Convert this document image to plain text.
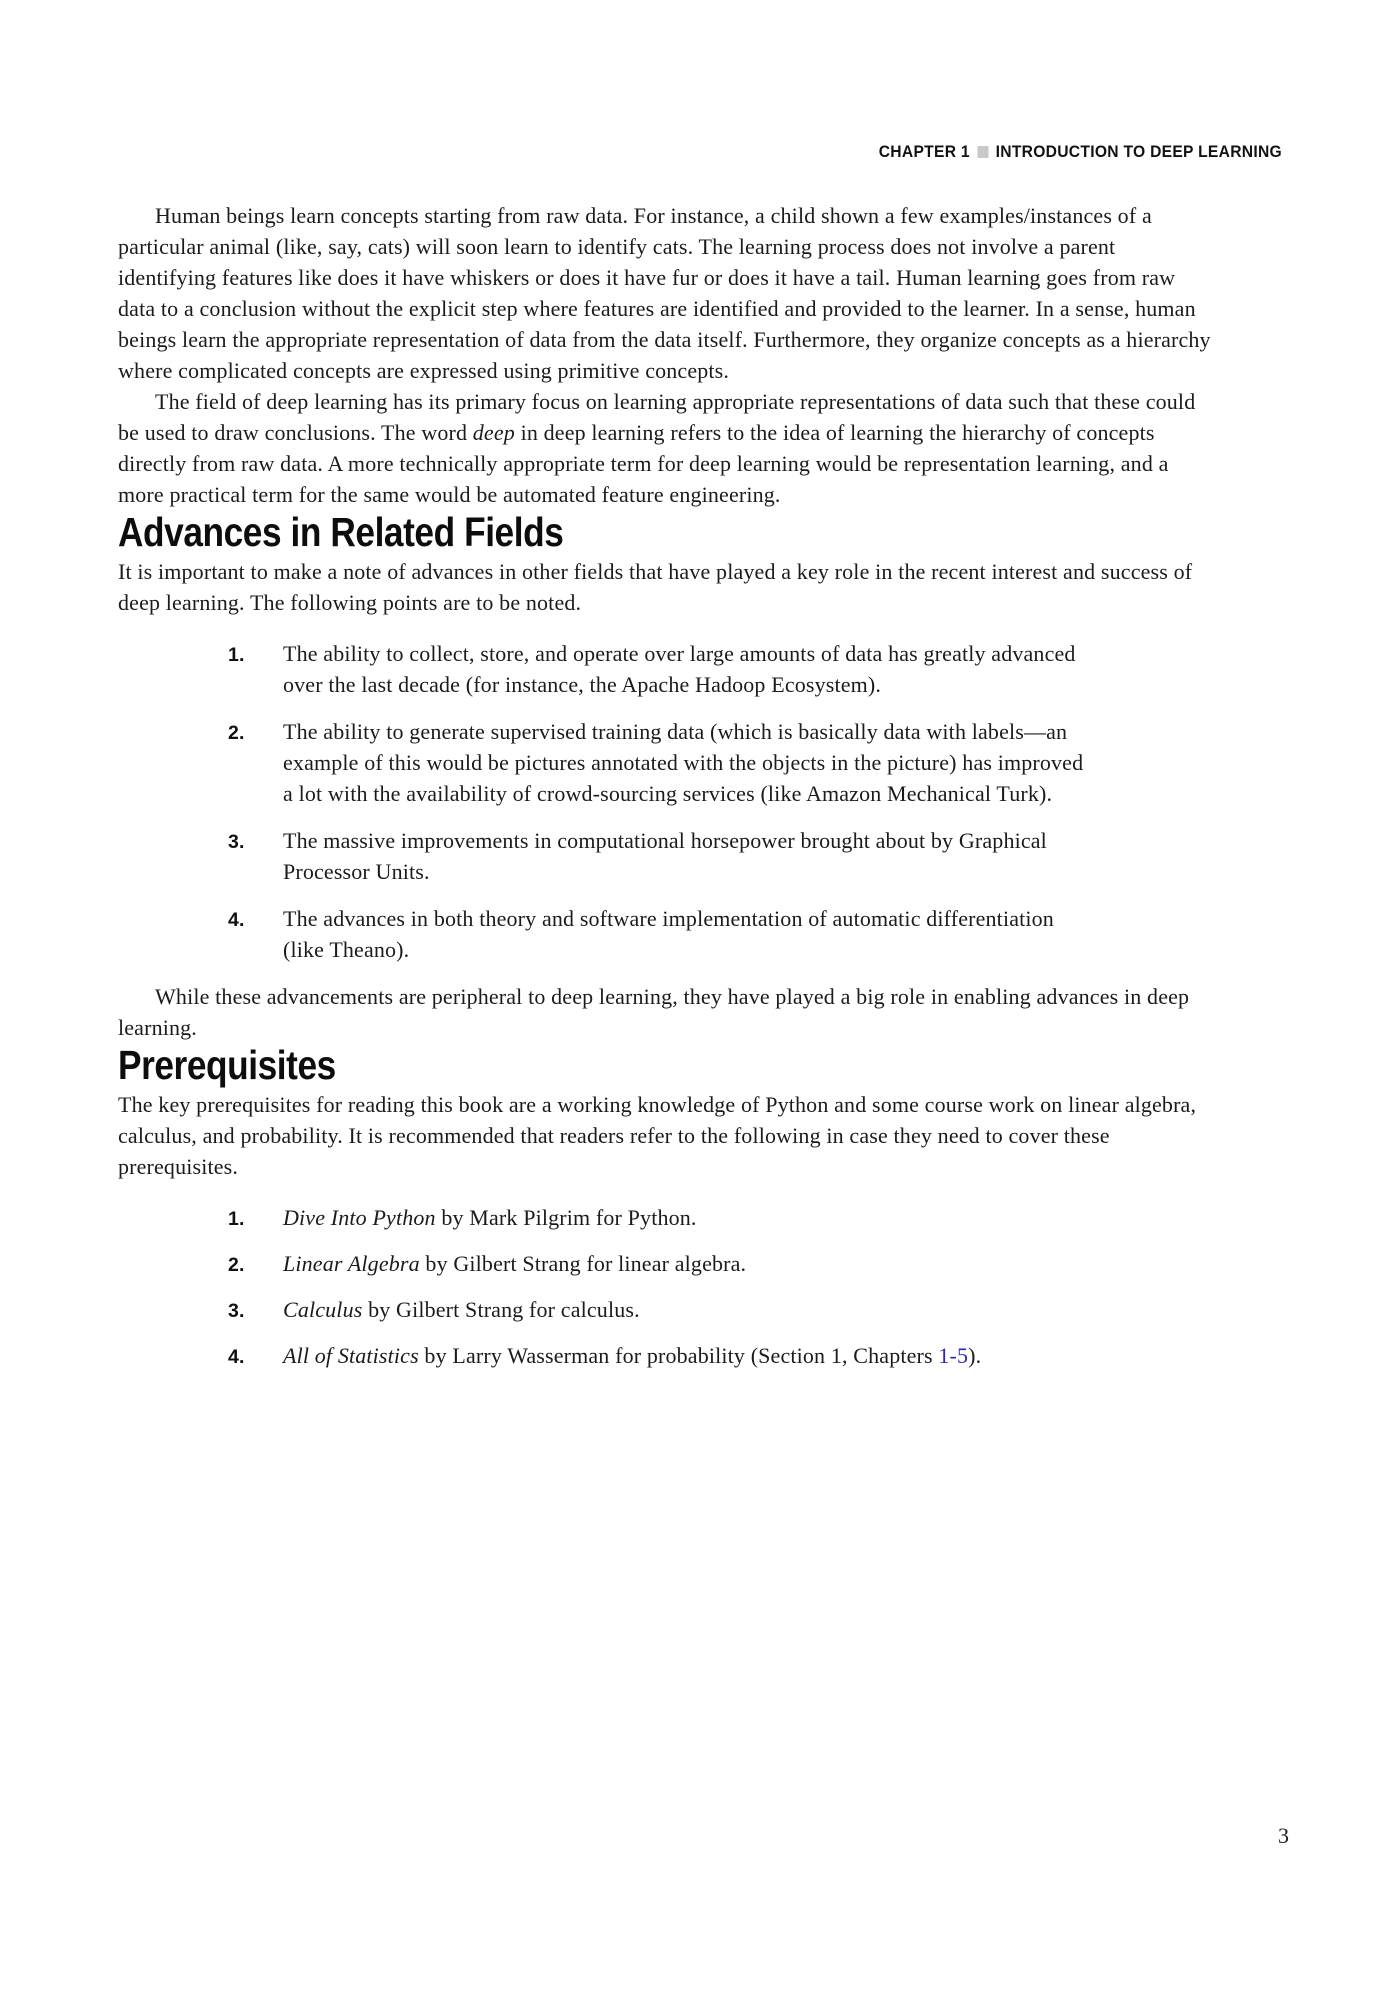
CHAPTER 1 INTRODUCTION TO DEEP LEARNING

Human beings learn concepts starting from raw data. For instance, a child shown a few examples/instances of a particular animal (like, say, cats) will soon learn to identify cats. The learning process does not involve a parent identifying features like does it have whiskers or does it have fur or does it have a tail. Human learning goes from raw data to a conclusion without the explicit step where features are identified and provided to the learner. In a sense, human beings learn the appropriate representation of data from the data itself. Furthermore, they organize concepts as a hierarchy where complicated concepts are expressed using primitive concepts.

The field of deep learning has its primary focus on learning appropriate representations of data such that these could be used to draw conclusions. The word deep in deep learning refers to the idea of learning the hierarchy of concepts directly from raw data. A more technically appropriate term for deep learning would be representation learning, and a more practical term for the same would be automated feature engineering.

Advances in Related Fields

It is important to make a note of advances in other fields that have played a key role in the recent interest and success of deep learning. The following points are to be noted.

1.	The ability to collect, store, and operate over large amounts of data has greatly advanced over the last decade (for instance, the Apache Hadoop Ecosystem).
2.	The ability to generate supervised training data (which is basically data with labels—an example of this would be pictures annotated with the objects in the picture) has improved a lot with the availability of crowd-sourcing services (like Amazon Mechanical Turk).
3.	The massive improvements in computational horsepower brought about by Graphical Processor Units.
4.	The advances in both theory and software implementation of automatic differentiation (like Theano).

While these advancements are peripheral to deep learning, they have played a big role in enabling advances in deep learning.

Prerequisites

The key prerequisites for reading this book are a working knowledge of Python and some course work on linear algebra, calculus, and probability. It is recommended that readers refer to the following in case they need to cover these prerequisites.

1.	Dive Into Python by Mark Pilgrim for Python.
2.	Linear Algebra by Gilbert Strang for linear algebra.
3.	Calculus by Gilbert Strang for calculus.
4.	All of Statistics by Larry Wasserman for probability (Section 1, Chapters 1-5).
3
